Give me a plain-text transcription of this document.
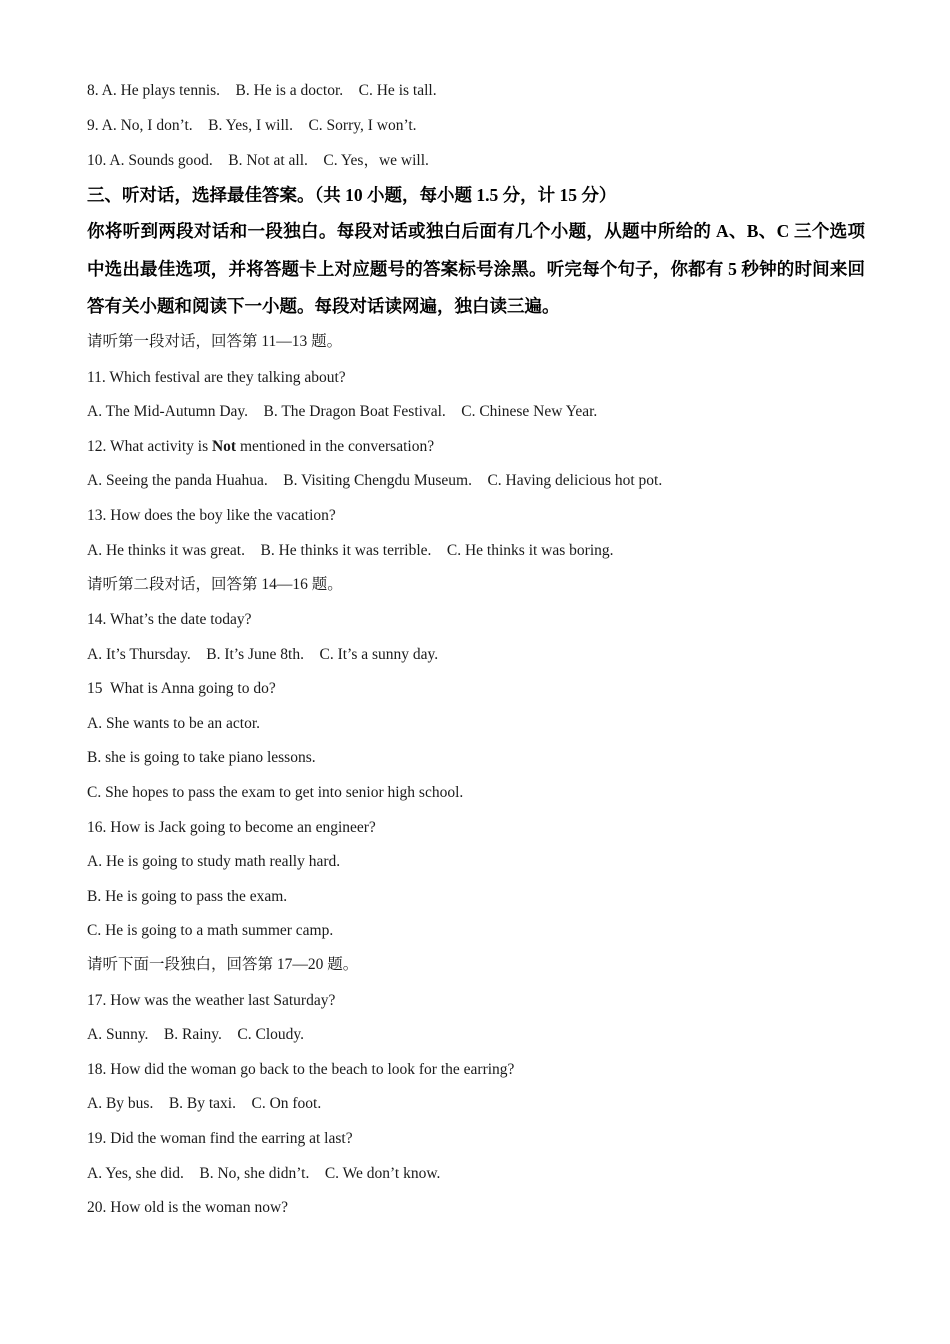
8. A. He plays tennis.    B. He is a doctor.    C. He is tall.
9. A. No, I don’t.    B. Yes, I will.    C. Sorry, I won’t.
10. A. Sounds good.    B. Not at all.    C. Yes，we will.
三、听对话，选择最佳答案。（共 10 小题，每小题 1.5 分，计 15 分）
你将听到两段对话和一段独白。每段对话或独白后面有几个小题，从题中所给的 A、B、C 三个选项中选出最佳选项，并将答题卡上对应题号的答案标号涂黑。听完每个句子，你都有 5 秒钟的时间来回答有关小题和阅读下一小题。每段对话读网遍，独白读三遍。
请听第一段对话，回答第 11—13 题。
11. Which festival are they talking about?
A. The Mid-Autumn Day.    B. The Dragon Boat Festival.    C. Chinese New Year.
12. What activity is Not mentioned in the conversation?
A. Seeing the panda Huahua.    B. Visiting Chengdu Museum.    C. Having delicious hot pot.
13. How does the boy like the vacation?
A. He thinks it was great.    B. He thinks it was terrible.    C. He thinks it was boring.
请听第二段对话，回答第 14—16 题。
14. What’s the date today?
A. It’s Thursday.    B. It’s June 8th.    C. It’s a sunny day.
15  What is Anna going to do?
A. She wants to be an actor.
B. she is going to take piano lessons.
C. She hopes to pass the exam to get into senior high school.
16. How is Jack going to become an engineer?
A. He is going to study math really hard.
B. He is going to pass the exam.
C. He is going to a math summer camp.
请听下面一段独白，回答第 17—20 题。
17. How was the weather last Saturday?
A. Sunny.    B. Rainy.    C. Cloudy.
18. How did the woman go back to the beach to look for the earring?
A. By bus.    B. By taxi.    C. On foot.
19. Did the woman find the earring at last?
A. Yes, she did.    B. No, she didn’t.    C. We don’t know.
20. How old is the woman now?
